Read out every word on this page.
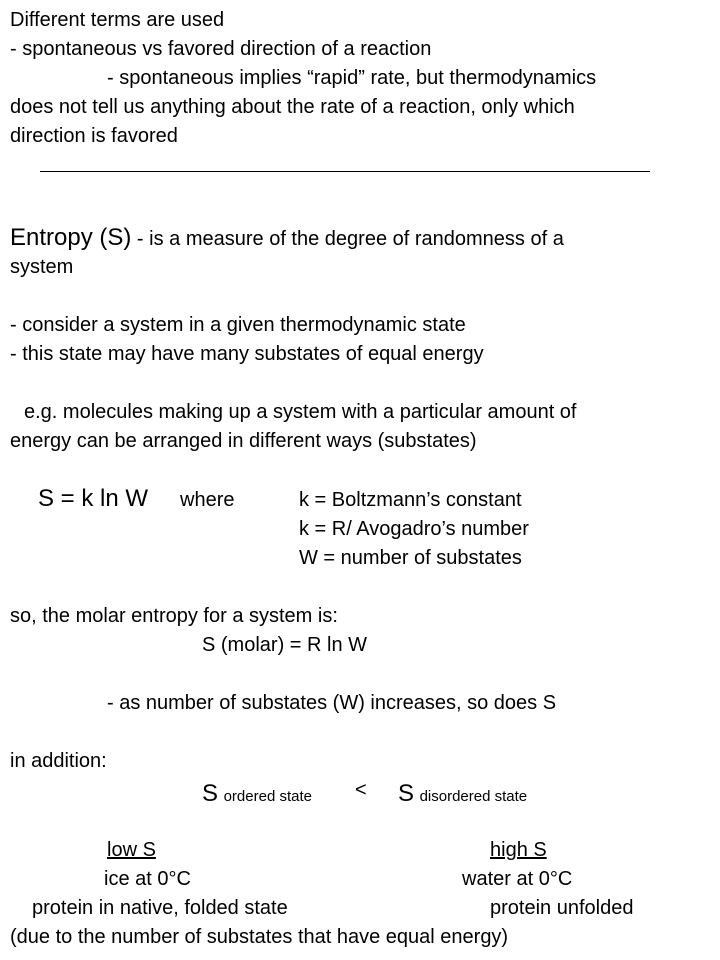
Different terms are used
- spontaneous vs favored direction of a reaction
- spontaneous implies “rapid” rate, but thermodynamics
does not tell us anything about the rate of a reaction, only which
direction is favored
Entropy (S) - is a measure of the degree of randomness of a
system
- consider a system in a given thermodynamic state
- this state may have many substates of equal energy
e.g. molecules making up a system with a particular amount of
energy can be arranged in different ways (substates)
S = k ln W where	k = Boltzmann’s constant
k = R/ Avogadro’s number
W = number of substates
so, the molar entropy for a system is:
S (molar) = R ln W
- as number of substates (W) increases, so does S
in addition:
S ordered state < S disordered state
low S	high S
ice at 0°C	water at 0°C
protein in native, folded state	protein unfolded
(due to the number of substates that have equal energy)
